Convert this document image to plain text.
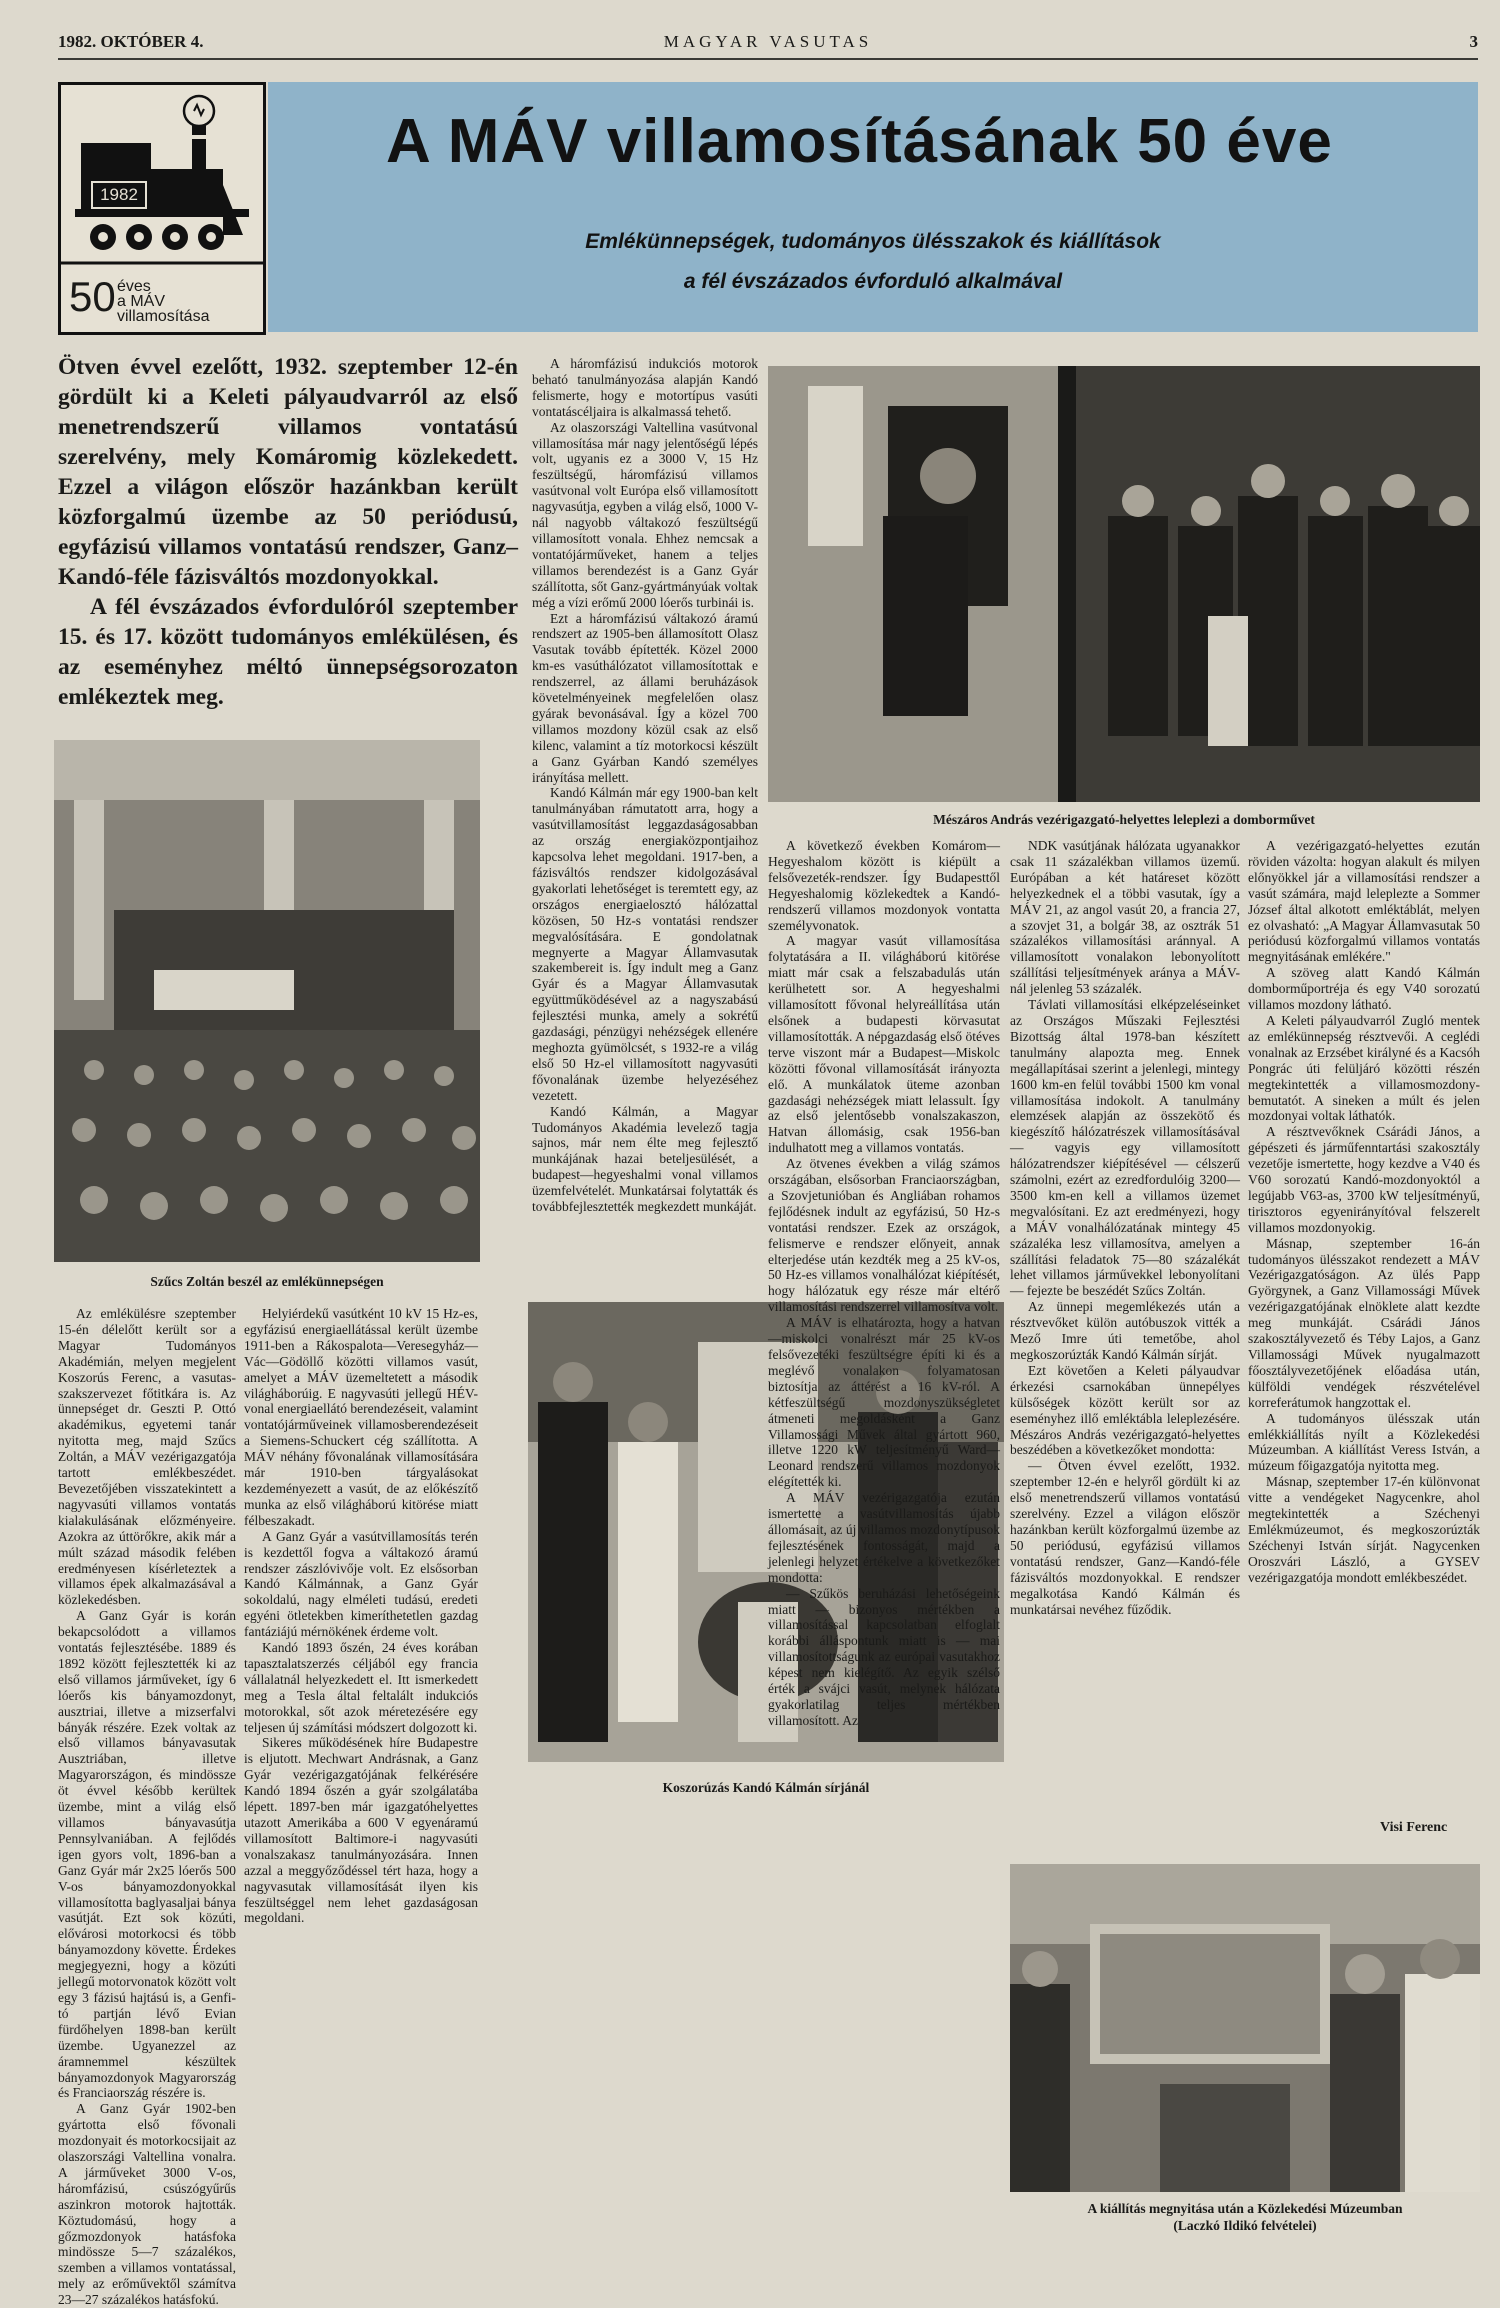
1982. OKTÓBER 4.	MAGYAR VASUTAS	3
1982
50 éves
a MÁV
villamosítása
A MÁV villamosításának 50 éve
Emlékünnepségek, tudományos ülésszakok és kiállítások
a fél évszázados évforduló alkalmával

Ötven évvel ezelőtt, 1932. szeptember 12-én gördült ki a Keleti pályaudvarról az első menetrendszerű villamos vontatású szerelvény, mely Komáromig közlekedett. Ezzel a világon először hazánkban került közforgalmú üzembe az 50 periódusú, egyfázisú villamos vontatású rendszer, Ganz–Kandó-féle fázisváltós mozdonyokkal.

A fél évszázados évfordulóról szeptember 15. és 17. között tudományos emlékülésen, és az eseményhez méltó ünnepségsorozaton emlékeztek meg.

Mészáros András vezérigazgató-helyettes leleplezi a domborművet
Szűcs Zoltán beszél az emlékünnepségen
Koszorúzás Kandó Kálmán sírjánál
A kiállítás megnyitása után a Közlekedési Múzeumban
(Laczkó Ildikó felvételei)

Az emlékülésre szeptember 15-én délelőtt került sor a Magyar Tudományos Akadémián, melyen megjelent Koszorús Ferenc, a vasutas-szakszervezet főtitkára is. Az ünnepséget dr. Geszti P. Ottó akadémikus, egyetemi tanár nyitotta meg, majd Szűcs Zoltán, a MÁV vezérigazgatója tartott emlékbeszédet. Bevezetőjében visszatekintett a nagyvasúti villamos vontatás kialakulásának előzményeire. Azokra az úttörőkre, akik már a múlt század második felében eredményesen kísérleteztek a villamos épek alkalmazásával a közlekedésben.

A Ganz Gyár is korán bekapcsolódott a villamos vontatás fejlesztésébe. 1889 és 1892 között fejlesztették ki az első villamos járműveket, így 6 lóerős kis bányamozdonyt, ausztriai, illetve a mizserfalvi bányák részére. Ezek voltak az első villamos bányavasutak Ausztriában, illetve Magyarországon, és mindössze öt évvel később kerültek üzembe, mint a világ első villamos bányavasútja Pennsylvaniában. A fejlődés igen gyors volt, 1896-ban a Ganz Gyár már 2x25 lóerős 500 V-os bányamozdonyokkal villamosította baglyasaljai bánya vasútját. Ezt sok közúti, elővárosi motorkocsi és több bányamozdony követte. Érdekes megjegyezni, hogy a közúti jellegű motorvonatok között volt egy 3 fázisú hajtású is, a Genfi-tó partján lévő Evian fürdőhelyen 1898-ban került üzembe. Ugyanezzel az áramnemmel készültek bányamozdonyok Magyarország és Franciaország részére is.

A Ganz Gyár 1902-ben gyártotta első fővonali mozdonyait és motorkocsijait az olaszországi Valtellina vonalra. A járműveket 3000 V-os, háromfázisú, csúszógyűrűs aszinkron motorok hajtották. Köztudomású, hogy a gőzmozdonyok hatásfoka mindössze 5—7 százalékos, szemben a villamos vontatással, mely az erőművektől számítva 23—27 százalékos hatásfokú.

Helyiérdekű vasútként 10 kV 15 Hz-es, egyfázisú energiaellátással került üzembe 1911-ben a Rákospalota—Veresegyház—Vác—Gödöllő közötti villamos vasút, amelyet a MÁV üzemeltetett a második világháborúig. E nagyvasúti jellegű HÉV-vonal energiaellátó berendezéseit, valamint vontatójárműveinek villamosberendezéseit a Siemens-Schuckert cég szállította. A MÁV néhány fővonalának villamosítására már 1910-ben tárgyalásokat kezdeményezett a vasút, de az előkészítő munka az első világháború kitörése miatt félbeszakadt.

A Ganz Gyár a vasútvillamosítás terén is kezdettől fogva a váltakozó áramú rendszer zászlóvivője volt. Ez elsősorban Kandó Kálmánnak, a Ganz Gyár sokoldalú, nagy elméleti tudású, eredeti egyéni ötletekben kimeríthetetlen gazdag fantáziájú mérnökének érdeme volt.

Kandó 1893 őszén, 24 éves korában tapasztalatszerzés céljából egy francia vállalatnál helyezkedett el. Itt ismerkedett meg a Tesla által feltalált indukciós motorokkal, sőt azok méretezésére egy teljesen új számítási módszert dolgozott ki.

Sikeres működésének híre Budapestre is eljutott. Mechwart Andrásnak, a Ganz Gyár vezérigazgatójának felkérésére Kandó 1894 őszén a gyár szolgálatába lépett. 1897-ben már igazgatóhelyettes utazott Amerikába a 600 V egyenáramú villamosított Baltimore-i nagyvasúti vonalszakasz tanulmányozására. Innen azzal a meggyőződéssel tért haza, hogy a nagyvasutak villamosítását ilyen kis feszültséggel nem lehet gazdaságosan megoldani.

A háromfázisú indukciós motorok beható tanulmányozása alapján Kandó felismerte, hogy e motortípus vasúti vontatáscéljaira is alkalmassá tehető.

Az olaszországi Valtellina vasútvonal villamosítása már nagy jelentőségű lépés volt, ugyanis ez a 3000 V, 15 Hz feszültségű, háromfázisú villamos vasútvonal volt Európa első villamosított nagyvasútja, egyben a világ első, 1000 V-nál nagyobb váltakozó feszültségű villamosított vonala. Ehhez nemcsak a vontatójárműveket, hanem a teljes villamos berendezést is a Ganz Gyár szállította, sőt Ganz-gyártmányúak voltak még a vízi erőmű 2000 lóerős turbinái is.

Ezt a háromfázisú váltakozó áramú rendszert az 1905-ben államosított Olasz Vasutak tovább építették. Közel 2000 km-es vasúthálózatot villamosítottak e rendszerrel, az állami beruházások követelményeinek megfelelően olasz gyárak bevonásával. Így a közel 700 villamos mozdony közül csak az első kilenc, valamint a tíz motorkocsi készült a Ganz Gyárban Kandó személyes irányítása mellett.

Kandó Kálmán már egy 1900-ban kelt tanulmányában rámutatott arra, hogy a vasútvillamosítást leggazdaságosabban az ország energiaközpontjaihoz kapcsolva lehet megoldani. 1917-ben, a fázisváltós rendszer kidolgozásával gyakorlati lehetőséget is teremtett egy, az országos energiaelosztó hálózattal közösen, 50 Hz-s vontatási rendszer megvalósítására. E gondolatnak megnyerte a Magyar Államvasutak szakembereit is. Így indult meg a Ganz Gyár és a Magyar Államvasutak együttműködésével az a nagyszabású fejlesztési munka, amely a sokrétű gazdasági, pénzügyi nehézségek ellenére meghozta gyümölcsét, s 1932-re a világ első 50 Hz-el villamosított nagyvasúti fővonalának üzembe helyezéséhez vezetett.

Kandó Kálmán, a Magyar Tudományos Akadémia levelező tagja sajnos, már nem élte meg fejlesztő munkájának hazai beteljesülését, a budapest—hegyeshalmi vonal villamos üzemfelvételét. Munkatársai folytatták és továbbfejlesztették megkezdett munkáját.

A következő években Komárom—Hegyeshalom között is kiépült a felsővezeték-rendszer. Így Budapesttől Hegyeshalomig közlekedtek a Kandó-rendszerű villamos mozdonyok vontatta személyvonatok.

A magyar vasút villamosítása folytatására a II. világháború kitörése miatt már csak a felszabadulás után kerülhetett sor. A hegyeshalmi villamosított fővonal helyreállítása után elsőnek a budapesti körvasutat villamosították. A népgazdaság első ötéves terve viszont már a Budapest—Miskolc közötti fővonal villamosítását irányozta elő. A munkálatok üteme azonban gazdasági nehézségek miatt lelassult. Így az első jelentősebb vonalszakaszon, Hatvan állomásig, csak 1956-ban indulhatott meg a villamos vontatás.

Az ötvenes években a világ számos országában, elsősorban Franciaországban, a Szovjetunióban és Angliában rohamos fejlődésnek indult az egyfázisú, 50 Hz-s vontatási rendszer. Ezek az országok, felismerve e rendszer előnyeit, annak elterjedése után kezdték meg a 25 kV-os, 50 Hz-es villamos vonalhálózat kiépítését, hogy hálózatuk egy része már eltérő villamosítási rendszerrel villamosítva volt.

A MÁV is elhatározta, hogy a hatvan—miskolci vonalrészt már 25 kV-os felsővezetéki feszültségre építi ki és a meglévő vonalakon folyamatosan biztosítja az áttérést a 16 kV-ról. A kétfeszültségű mozdonyszükségletet átmeneti megoldásként a Ganz Villamossági Művek által gyártott 960, illetve 1220 kW teljesítményű Ward—Leonard rendszerű villamos mozdonyok elégítették ki.

A MÁV vezérigazgatója ezután ismertette a vasútvillamosítás újabb állomásait, az új villamos mozdonytípusok fejlesztésének fontosságát, majd a jelenlegi helyzet értékelve a következőket mondotta:

— Szűkös beruházási lehetőségeink miatt — bizonyos mértékben a villamosítással kapcsolatban elfoglalt korábbi álláspontunk miatt is — mai villamosítottságunk az európai vasutakhoz képest nem kielégítő. Az egyik szélső érték a svájci vasút, melynek hálózata gyakorlatilag teljes mértékben villamosított. Az

NDK vasútjának hálózata ugyanakkor csak 11 százalékban villamos üzemű. Európában a két határeset között helyezkednek el a többi vasutak, így a MÁV 21, az angol vasút 20, a francia 27, a szovjet 31, a bolgár 38, az osztrák 51 százalékos villamosítási aránnyal. A villamosított vonalakon lebonyolított szállítási teljesítmények aránya a MÁV-nál jelenleg 53 százalék.

Távlati villamosítási elképzeléseinket az Országos Műszaki Fejlesztési Bizottság által 1978-ban készített tanulmány alapozta meg. Ennek megállapításai szerint a jelenlegi, mintegy 1600 km-en felül további 1500 km vonal villamosítása indokolt. A tanulmány elemzések alapján az összekötő és kiegészítő hálózatrészek villamosításával — vagyis egy villamosított hálózatrendszer kiépítésével — célszerű számolni, ezért az ezredfordulóig 3200—3500 km-en kell a villamos üzemet megvalósítani. Ez azt eredményezi, hogy a MÁV vonalhálózatának mintegy 45 százaléka lesz villamosítva, amelyen a szállítási feladatok 75—80 százalékát lehet villamos járművekkel lebonyolítani — fejezte be beszédét Szűcs Zoltán.

Az ünnepi megemlékezés után a résztvevőket külön autóbuszok vitték a Mező Imre úti temetőbe, ahol megkoszorúzták Kandó Kálmán sírját.

Ezt követően a Keleti pályaudvar érkezési csarnokában ünnepélyes külsőségek között került sor az eseményhez illő emléktábla leleplezésére. Mészáros András vezérigazgató-helyettes beszédében a következőket mondotta:

— Ötven évvel ezelőtt, 1932. szeptember 12-én e helyről gördült ki az első menetrendszerű villamos vontatású szerelvény. Ezzel a világon először hazánkban került közforgalmú üzembe az 50 periódusú, egyfázisú villamos vontatású rendszer, Ganz—Kandó-féle fázisváltós mozdonyokkal. E rendszer megalkotása Kandó Kálmán és munkatársai nevéhez fűződik.

A vezérigazgató-helyettes ezután röviden vázolta: hogyan alakult és milyen előnyökkel jár a villamosítási rendszer a vasút számára, majd leleplezte a Sommer József által alkotott emléktáblát, melyen ez olvasható: „A Magyar Államvasutak 50 periódusú közforgalmú villamos vontatás megnyitásának emlékére."

A szöveg alatt Kandó Kálmán domborműportréja és egy V40 sorozatú villamos mozdony látható.

A Keleti pályaudvarról Zugló mentek az emlékünnepség résztvevői. A ceglédi vonalnak az Erzsébet királyné és a Kacsóh Pongrác úti felüljáró közötti részén megtekintették a villamosmozdony-bemutatót. A sineken a múlt és jelen mozdonyai voltak láthatók.

A résztvevőknek Csárádi János, a gépészeti és járműfenntartási szakosztály vezetője ismertette, hogy kezdve a V40 és V60 sorozatú Kandó-mozdonyoktól a legújabb V63-as, 3700 kW teljesítményű, tirisztoros egyenirányítóval felszerelt villamos mozdonyokig.

Másnap, szeptember 16-án tudományos ülésszakot rendezett a MÁV Vezérigazgatóságon. Az ülés Papp Györgynek, a Ganz Villamossági Művek vezérigazgatójának elnöklete alatt kezdte meg munkáját. Csárádi János szakosztályvezető és Téby Lajos, a Ganz Villamossági Művek nyugalmazott főosztályvezetőjének előadása után, külföldi vendégek részvételével korreferátumok hangzottak el.

A tudományos ülésszak után emlékkiállítás nyílt a Közlekedési Múzeumban. A kiállítást Veress István, a múzeum főigazgatója nyitotta meg.

Másnap, szeptember 17-én különvonat vitte a vendégeket Nagycenkre, ahol megtekintették a Széchenyi Emlékmúzeumot, és megkoszorúzták Széchenyi István sírját. Nagycenken Oroszvári László, a GYSEV vezérigazgatója mondott emlékbeszédet.

Visi Ferenc
